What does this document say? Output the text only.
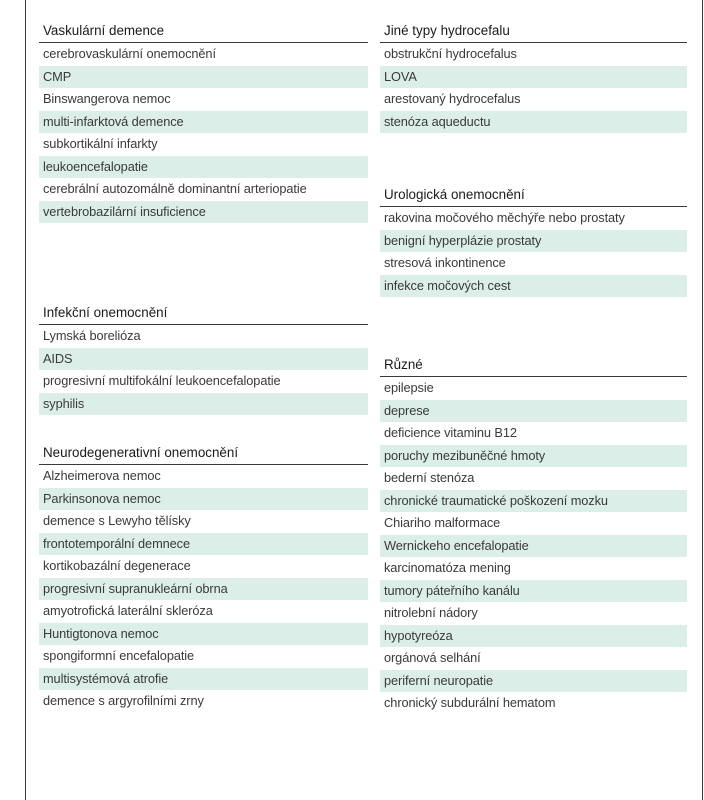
Vaskulární demence
cerebrovaskulární onemocnění
CMP
Binswangerova nemoc
multi-infarktová demence
subkortikální infarkty
leukoencefalopatie
cerebrální autozomálně dominantní arteriopatie
vertebrobazilární insuficience
Infekční onemocnění
Lymská borelióza
AIDS
progresivní multifokální leukoencefalopatie
syphilis
Neurodegenerativní onemocnění
Alzheimerova nemoc
Parkinsonova nemoc
demence s Lewyho tělísky
frontotemporální demnece
kortikobazální degenerace
progresivní supranukleární obrna
amyotrofická laterální skleróza
Huntigtonova nemoc
spongiformní encefalopatie
multisystémová atrofie
demence s argyrofilními zrny
Jiné typy hydrocefalu
obstrukční hydrocefalus
LOVA
arestovaný hydrocefalus
stenóza aqueductu
Urologická onemocnění
rakovina močového měchýře nebo prostaty
benigní hyperplázie prostaty
stresová inkontinence
infekce močových cest
Různé
epilepsie
deprese
deficience vitaminu B12
poruchy mezibuněčné hmoty
bederní stenóza
chronické traumatické poškození mozku
Chiariho malformace
Wernickeho encefalopatie
karcinomatóza mening
tumory páteřního kanálu
nitrolební nádory
hypotyreóza
orgánová selhání
periferní neuropatie
chronický subdurální hematom
